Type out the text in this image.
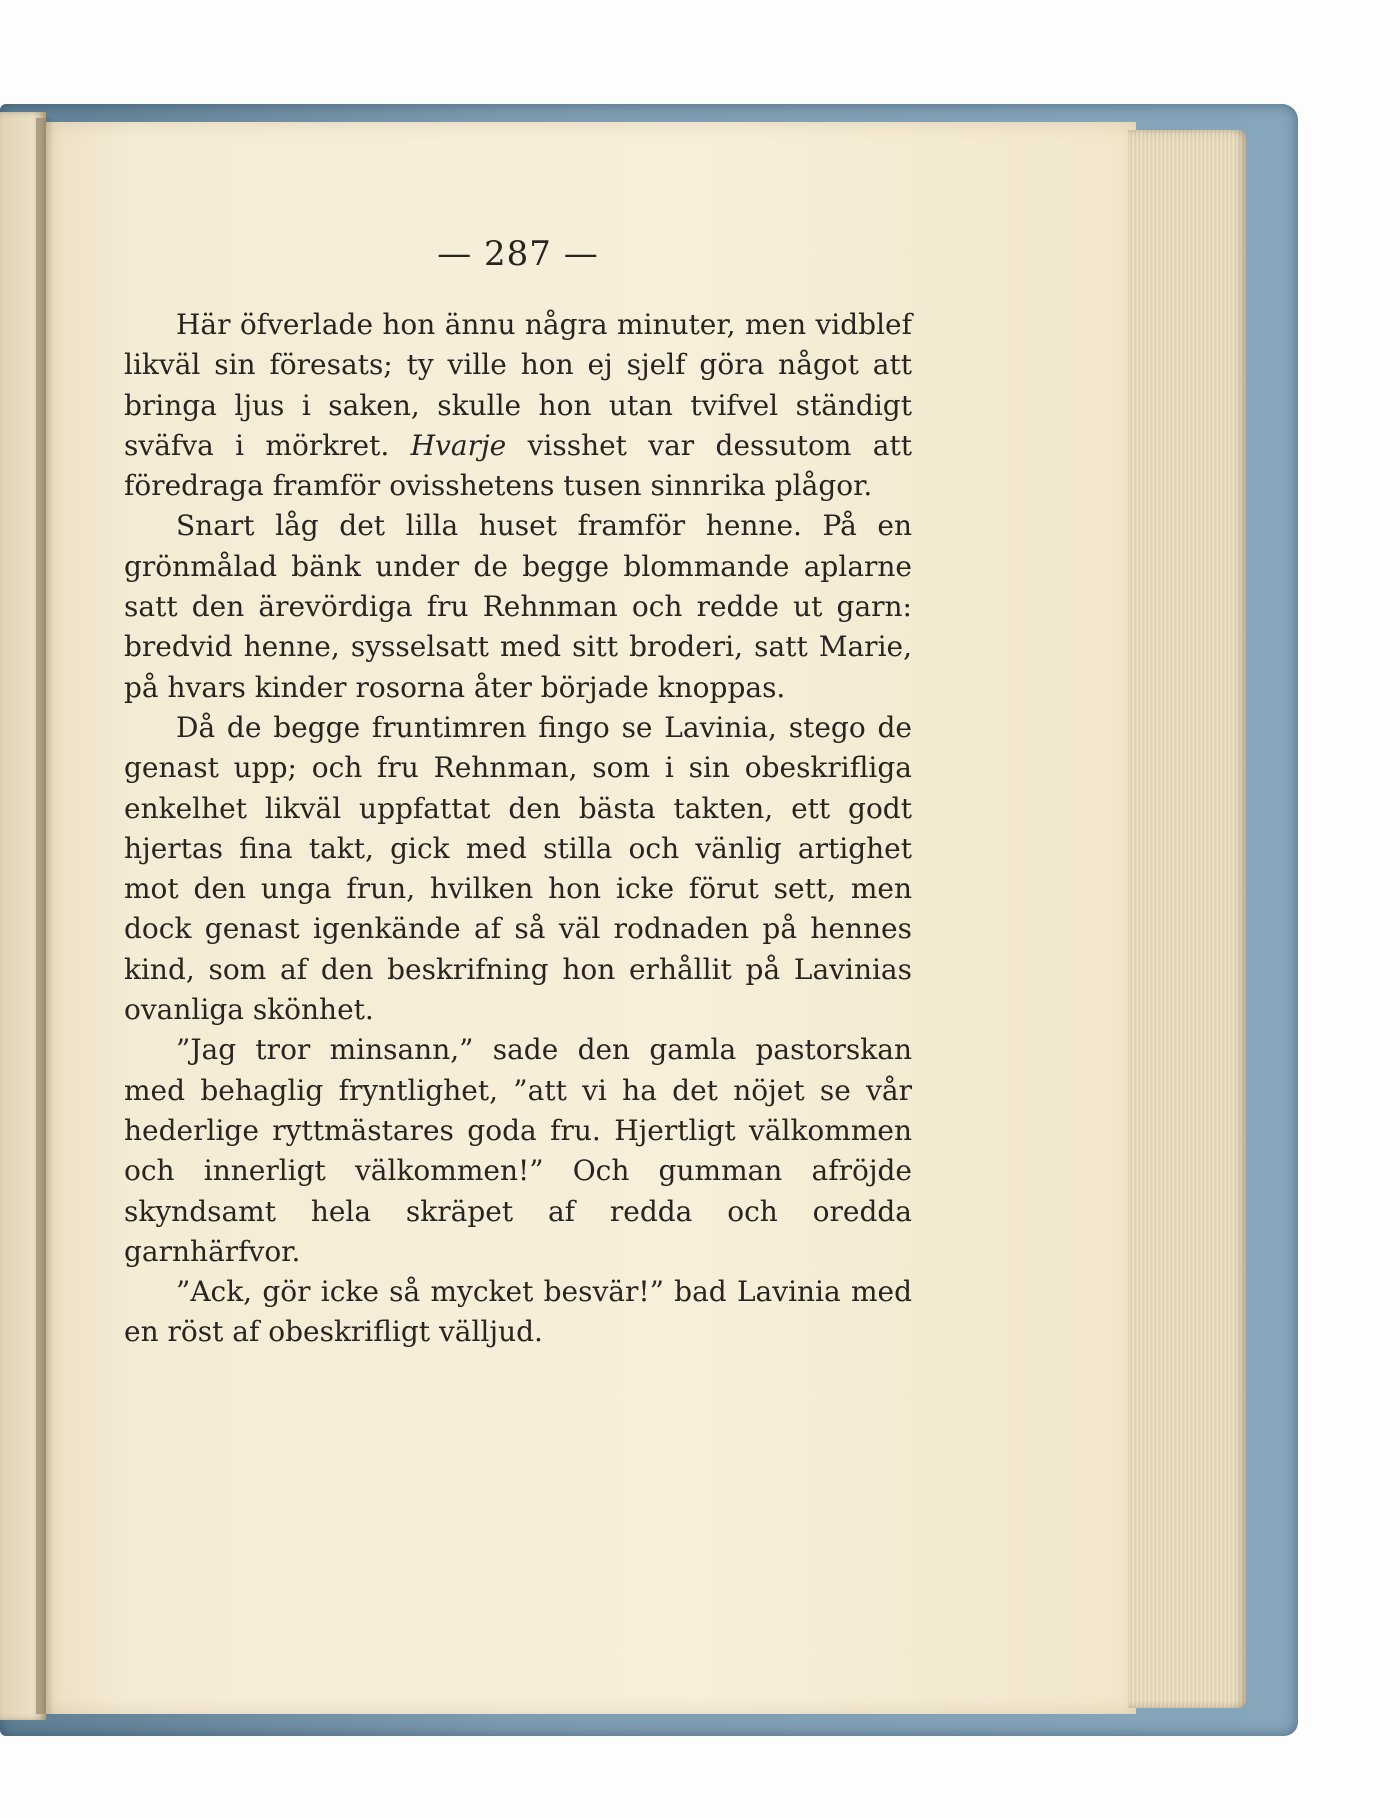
— 287 —

Här öfverlade hon ännu några minuter, men vidblef likväl sin föresats; ty ville hon ej sjelf göra något att bringa ljus i saken, skulle hon utan tvifvel ständigt sväfva i mörkret. Hvarje visshet var dessutom att föredraga framför ovisshetens tusen sinnrika plågor.

Snart låg det lilla huset framför henne. På en grönmålad bänk under de begge blommande aplarne satt den ärevördiga fru Rehnman och redde ut garn: bredvid henne, sysselsatt med sitt broderi, satt Marie, på hvars kinder rosorna åter började knoppas.

Då de begge fruntimren fingo se Lavinia, stego de genast upp; och fru Rehnman, som i sin obeskrifliga enkelhet likväl uppfattat den bästa takten, ett godt hjertas fina takt, gick med stilla och vänlig artighet mot den unga frun, hvilken hon icke förut sett, men dock genast igenkände af så väl rodnaden på hennes kind, som af den beskrifning hon erhållit på Lavinias ovanliga skönhet.

”Jag tror minsann,” sade den gamla pastorskan med behaglig fryntlighet, ”att vi ha det nöjet se vår hederlige ryttmästares goda fru. Hjertligt välkommen och innerligt välkommen!” Och gumman afröjde skyndsamt hela skräpet af redda och oredda garnhärfvor.

”Ack, gör icke så mycket besvär!” bad Lavinia med en röst af obeskrifligt välljud.
